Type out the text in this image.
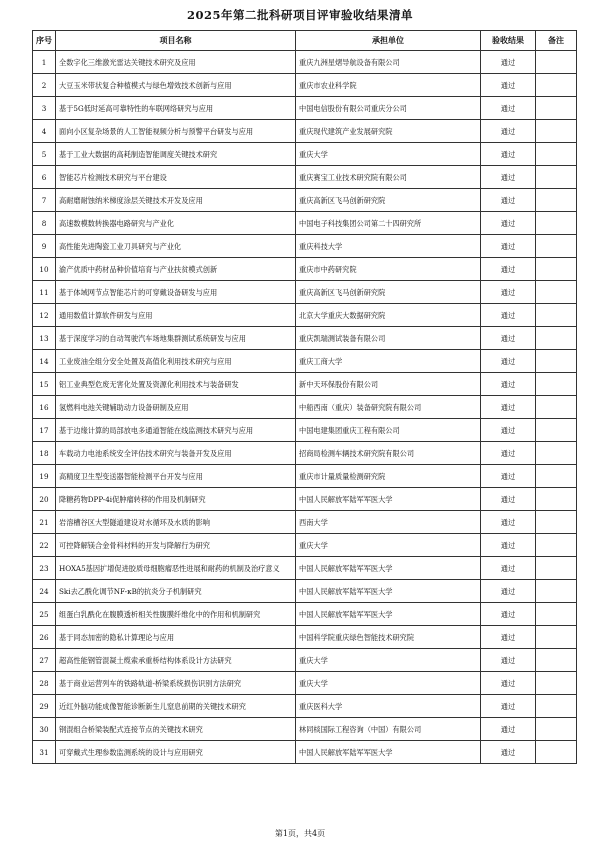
2025年第二批科研项目评审验收结果清单
序号	项目名称	承担单位	验收结果	备注
1	全数字化三维激光雷达关键技术研究及应用	重庆九洲星熠导航设备有限公司	通过	
2	大豆玉米带状复合种植模式与绿色增效技术创新与应用	重庆市农业科学院	通过	
3	基于5G低时延高可靠特性的车联网络研究与应用	中国电信股份有限公司重庆分公司	通过	
4	面向小区复杂场景的人工智能视频分析与预警平台研发与应用	重庆现代建筑产业发展研究院	通过	
5	基于工业大数据的高耗制造智能调度关键技术研究	重庆大学	通过	
6	智能芯片检测技术研究与平台建设	重庆赛宝工业技术研究院有限公司	通过	
7	高耐磨耐蚀纳米梯度涂层关键技术开发及应用	重庆高新区飞马创新研究院	通过	
8	高速数模数转换器电路研究与产业化	中国电子科技集团公司第二十四研究所	通过	
9	高性能先进陶瓷工业刀具研究与产业化	重庆科技大学	通过	
10	渝产优质中药材品种价值培育与产业扶贫模式创新	重庆市中药研究院	通过	
11	基于体域网节点智能芯片的可穿戴设备研发与应用	重庆高新区飞马创新研究院	通过	
12	通用数值计算软件研发与应用	北京大学重庆大数据研究院	通过	
13	基于深度学习的自动驾驶汽车场地集群测试系统研发与应用	重庆凯瑞测试装备有限公司	通过	
14	工业废油全组分安全处置及高值化利用技术研究与应用	重庆工商大学	通过	
15	铝工业典型危废无害化处置及资源化利用技术与装备研发	新中天环保股份有限公司	通过	
16	氢燃料电池关键辅助动力设备研制及应用	中船西南（重庆）装备研究院有限公司	通过	
17	基于边缘计算的局部放电多通道智能在线监测技术研究与应用	中国电建集团重庆工程有限公司	通过	
18	车载动力电池系统安全评估技术研究与装备开发及应用	招商局检测车辆技术研究院有限公司	通过	
19	高精度卫生型变送器智能检测平台开发与应用	重庆市计量质量检测研究院	通过	
20	降糖药物DPP-4i促肿瘤转移的作用及机制研究	中国人民解放军陆军军医大学	通过	
21	岩溶槽谷区大型隧道建设对水循环及水质的影响	西南大学	通过	
22	可控降解镁合金骨科材料的开发与降解行为研究	重庆大学	通过	
23	HOXA5基因扩增促进胶质母细胞瘤恶性进展和耐药的机制及治疗意义	中国人民解放军陆军军医大学	通过	
24	Ski去乙酰化调节NF-κB的抗炎分子机制研究	中国人民解放军陆军军医大学	通过	
25	组蛋白乳酰化在腹膜透析相关性腹膜纤维化中的作用和机制研究	中国人民解放军陆军军医大学	通过	
26	基于同态加密的隐私计算理论与应用	中国科学院重庆绿色智能技术研究院	通过	
27	超高性能钢管混凝土缆索承重桥结构体系设计方法研究	重庆大学	通过	
28	基于商业运营列车的铁路轨道-桥梁系统损伤识别方法研究	重庆大学	通过	
29	近红外脑功能成像智能诊断新生儿窒息前期的关键技术研究	重庆医科大学	通过	
30	钢混组合桥梁装配式连接节点的关键技术研究	林同棪国际工程咨询（中国）有限公司	通过	
31	可穿戴式生理参数监测系统的设计与应用研究	中国人民解放军陆军军医大学	通过	
第1页，共4页
